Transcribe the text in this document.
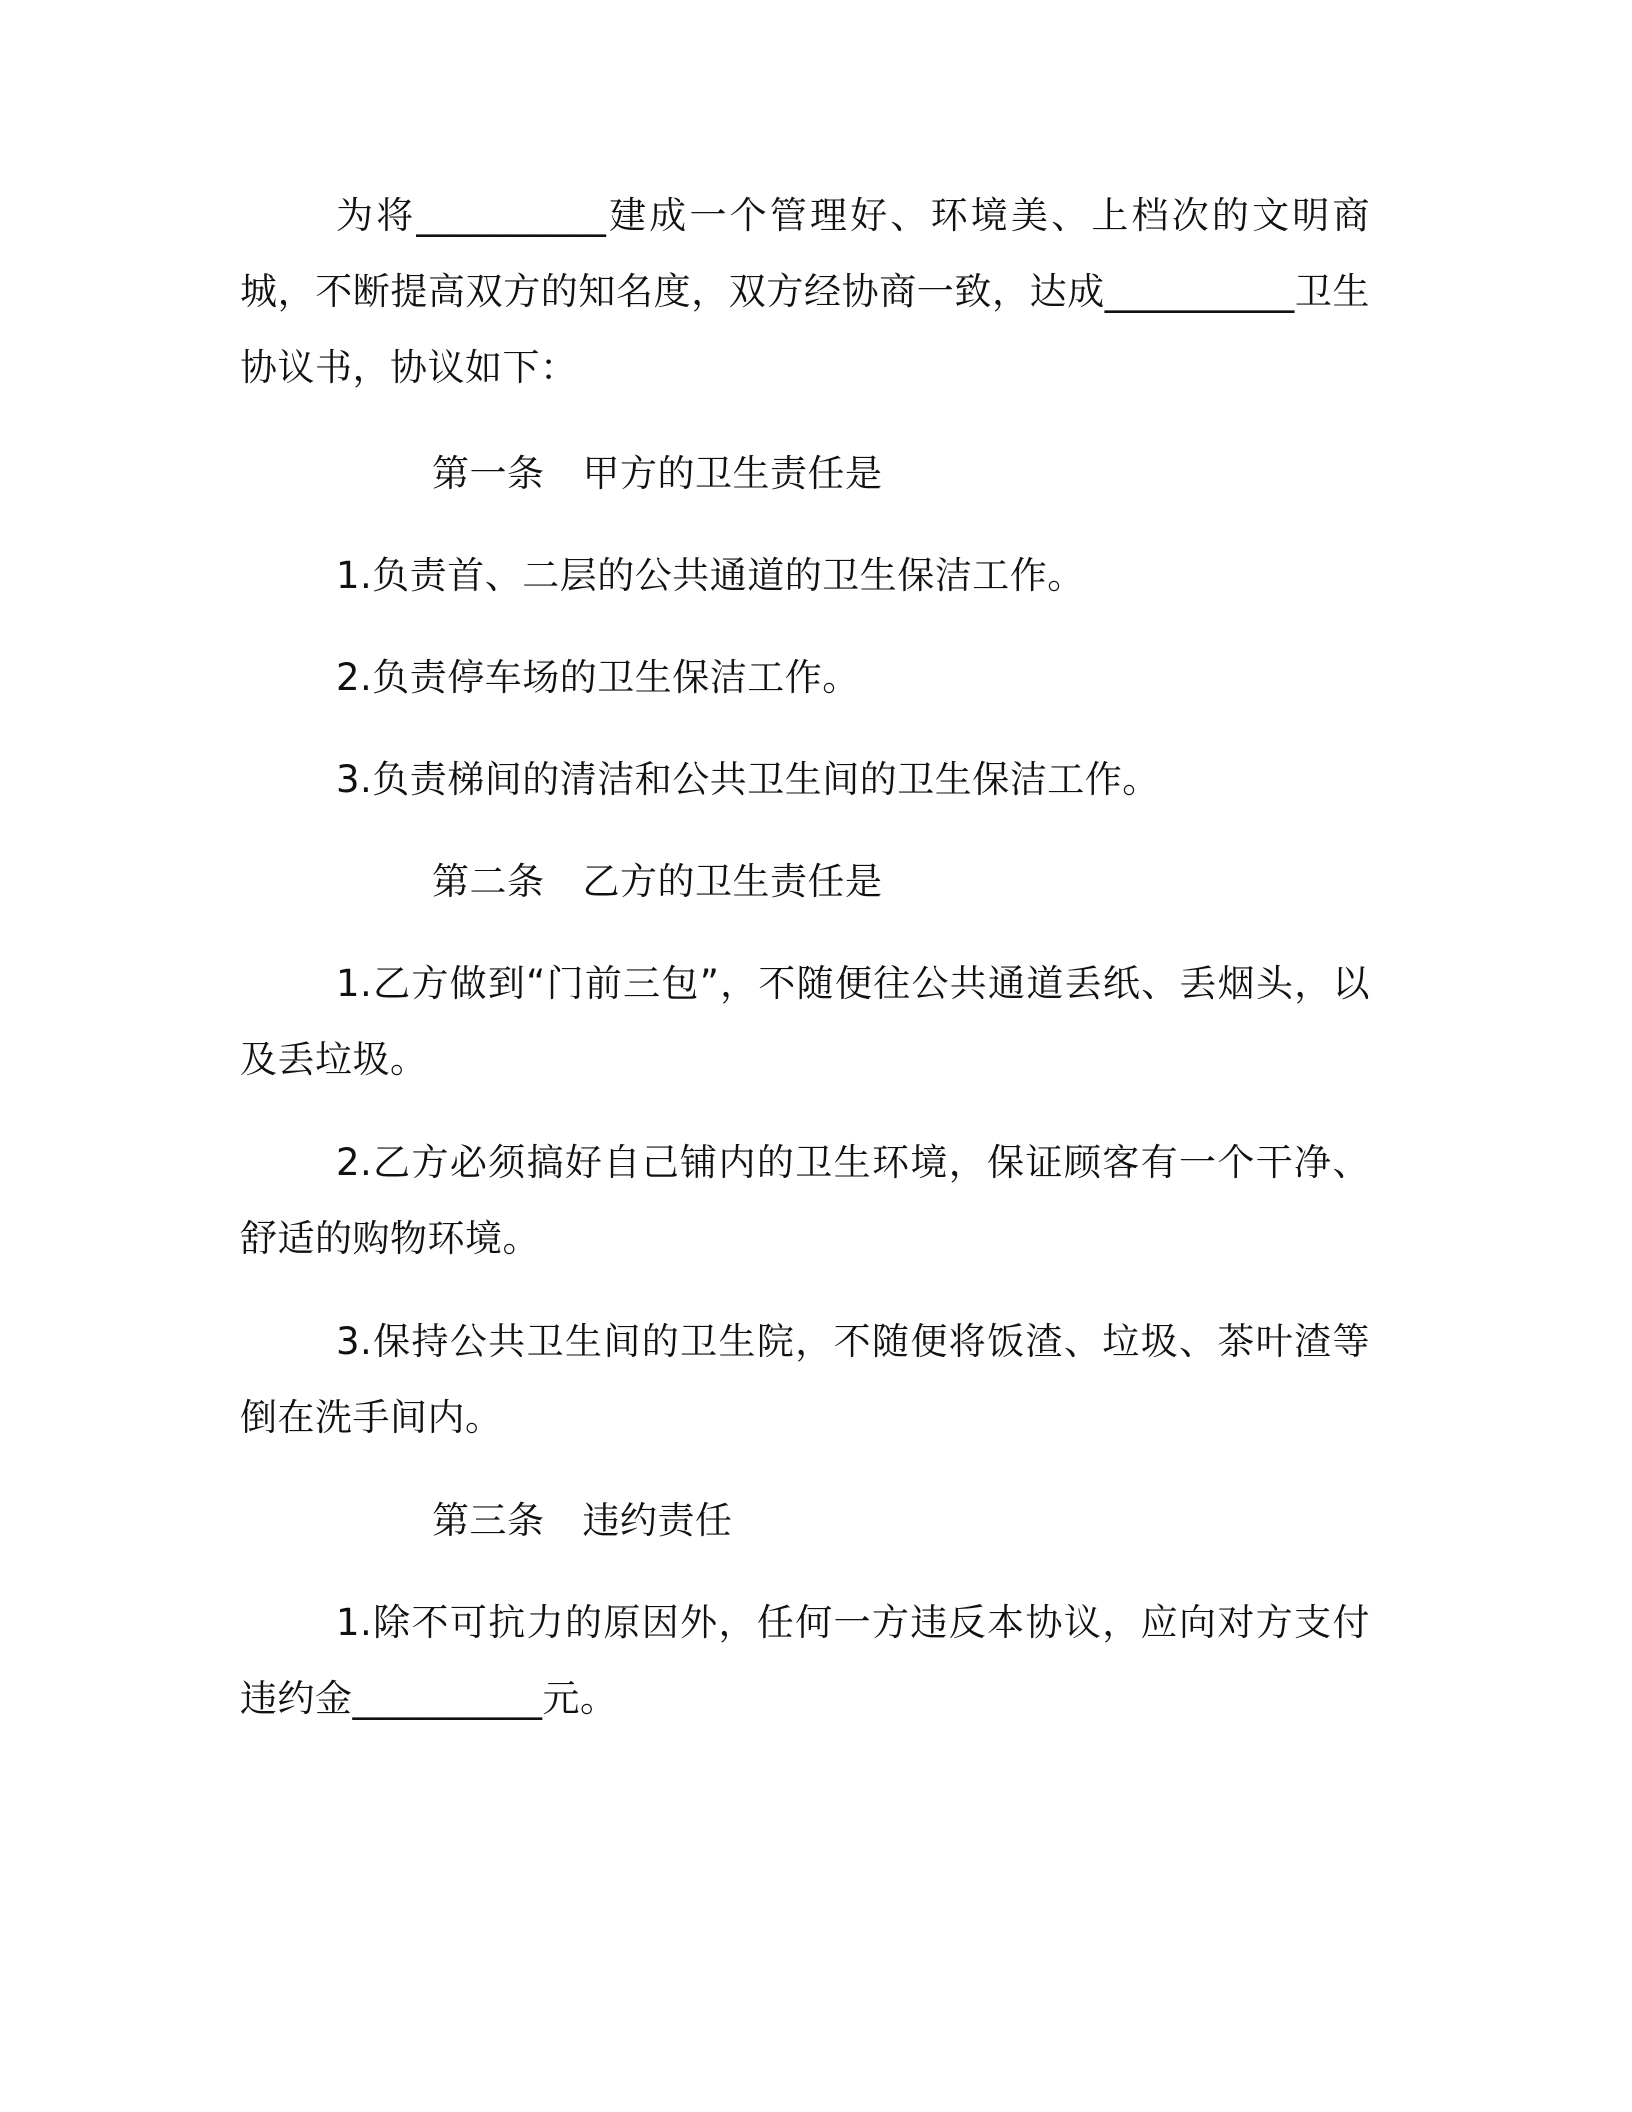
为将__________建成一个管理好、环境美、上档次的文明商城，不断提高双方的知名度，双方经协商一致，达成__________卫生协议书，协议如下：

第一条 甲方的卫生责任是

1.负责首、二层的公共通道的卫生保洁工作。

2.负责停车场的卫生保洁工作。

3.负责梯间的清洁和公共卫生间的卫生保洁工作。

第二条 乙方的卫生责任是

1.乙方做到“门前三包”，不随便往公共通道丢纸、丢烟头，以及丢垃圾。

2.乙方必须搞好自己铺内的卫生环境，保证顾客有一个干净、舒适的购物环境。

3.保持公共卫生间的卫生院，不随便将饭渣、垃圾、茶叶渣等倒在洗手间内。

第三条 违约责任

1.除不可抗力的原因外，任何一方违反本协议，应向对方支付违约金__________元。
